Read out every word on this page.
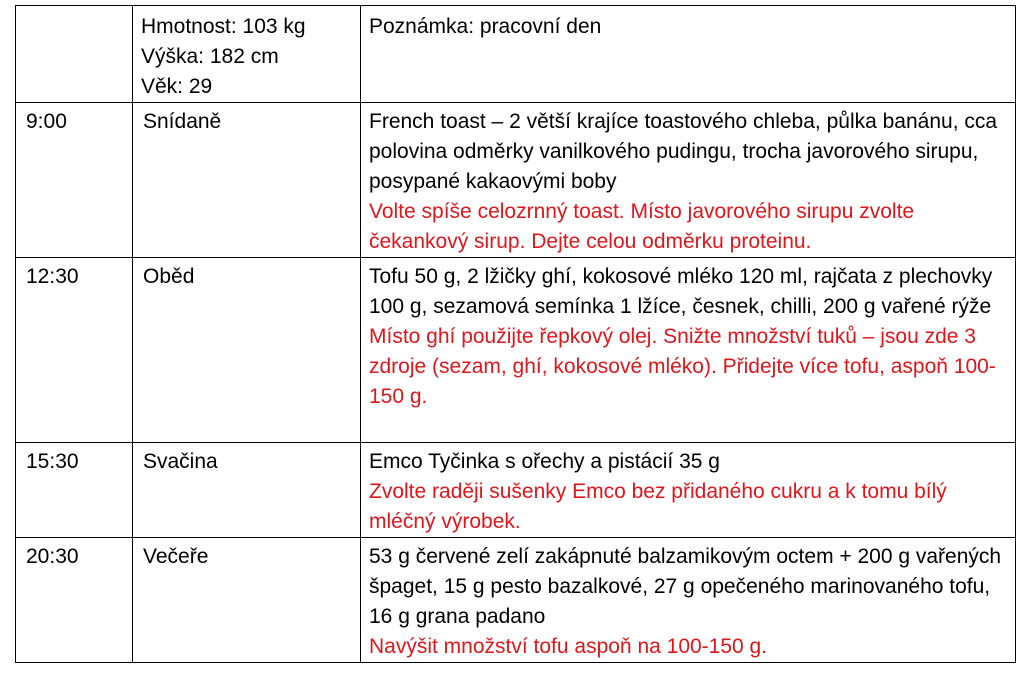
	Hmotnost: 103 kg
Výška: 182 cm
Věk: 29	Poznámka: pracovní den

9:00	Snídaně	French toast – 2 větší krajíce toastového chleba, půlka banánu, cca polovina odměrky vanilkového pudingu, trocha javorového sirupu, posypané kakaovými boby
Volte spíše celozrnný toast. Místo javorového sirupu zvolte čekankový sirup. Dejte celou odměrku proteinu.

12:30	Oběd	Tofu 50 g, 2 lžičky ghí, kokosové mléko 120 ml, rajčata z plechovky 100 g, sezamová semínka 1 lžíce, česnek, chilli, 200 g vařené rýže
Místo ghí použijte řepkový olej. Snižte množství tuků – jsou zde 3 zdroje (sezam, ghí, kokosové mléko). Přidejte více tofu, aspoň 100-150 g.

15:30	Svačina	Emco Tyčinka s ořechy a pistácií 35 g
Zvolte raději sušenky Emco bez přidaného cukru a k tomu bílý mléčný výrobek.

20:30	Večeře	53 g červené zelí zakápnuté balzamikovým octem + 200 g vařených špaget, 15 g pesto bazalkové, 27 g opečeného marinovaného tofu, 16 g grana padano
Navýšit množství tofu aspoň na 100-150 g.
